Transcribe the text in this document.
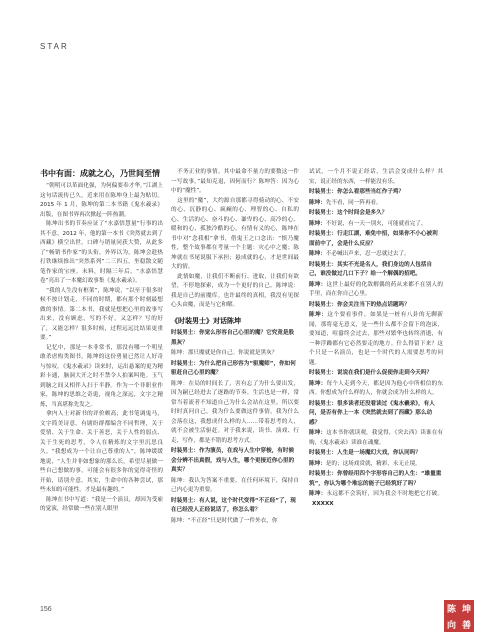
STAR
书中有面：成就之心，乃世间至情

“朝明可以革面化强，为何偏要奉才华。”江湖上这句话流传已久，近来用在陈坤身上最为贴切。2015 年 1 月，陈坤的第二本书籍《鬼水羲录》出版，在图书界再次掀起一阵热潮。

陈坤出书的节奏应证了“水嘉悟慧量”行事的出其不意。2012 年，他的第一本书《突然就去到了西藏》横空出世，口碑与销量同获大赞，从此多了“畅销书作家”的头衔。外界以为，陈坤会趁热打铁继续推出“突然系列”二三四五，坐稳散文随笔作家的宝座。未料，时隔三年后，“水嘉悟慧卷”亮出了一本魔幻故事集《鬼水羲录》。

“我的人生没有框架”，陈坤说，“以至于很多时候不按计划走，不同的时期，都有那个时刻最想做的事情。第二本书，我就是想把心里的故事写出来，没有顾虑，写的不好，又怎样？写的好了，又能怎样？很多时候，过程远远比结果更重要。”

记忆中，那是一本非常书，那没有哪一个明星敢杀虐构类图书，陈坤的这份勇量已然让人好奇与惊叹。《鬼水羲录》读来时，运出悬案的更为精彩卡通，脑洞大开之时不禁令人拍案叫绝。玉气到脑之间又相伴入扫于半静。作为一个非职业作家，陈坤的思维之奇诡，视角之深远，文字之精炼，当真堪称先发之。

拿内人士对新书的评价颇高；此书笔调鬼马，文字简美诗意。有剧纷群都编含不同哲理，关于爱情、关于生命、关于善恶，关于人性的弱点、关于生死的思考，令人在精炼的文字里沉思良久。“我想成为一个让自己尊重的人”，陈坤缓缓地说，“人生并非如想象的那么长，希望尽量做一些自己想做的事，可能会有很多你的觉得奇怪的开始，请别介意，其实，生命中的各种尝试，那些未知的可能性，才是最有趣的。”

陈坤在书中写道：“我是一个演员，却因为受雇的觉演，经常做一些在别人眼里

不务正业的事情。其中最命不量力的要数这一件一写故事。”最知克退，因何而行？陈坤答：因为心中的“魔性”。

这里的“魔”，大约源自那都寻得骑动的心、不安的心、沉静的心、疯癫的心、理智的心、自私的心、生活的心、奋斗的心、谦卑的心、高冷的心、暖和的心、孤独冷酷的心，有情有义的心，陈坤在书中对“念我相”拿书，借鬼王之口念出：“慎乃魔性，整个故事都在考量一个主题：灾心中之魔；陈坤就在书尾说服下承担；悬成就的心，才是世间最大的情。

此情如魔，让我们不断前行、进取，让我们有欲望，不停地探索，成为一个更好的自己。陈坤说：我是自己的前魔库。也许最终的真相，我没有见探心头由魔，而是与它和解。

《时装男士》对话陈坤

时装男士：你觉么形容自己心里的魔？它究竟是股黑灰？

陈坤：那只魔就是你自己。你说就是黑灰？

时装男士：为什么把自己形容为“驱魔师”，你如何驱赶自己心里的魔？

陈坤：在局的时间长了，害有忘了为什么要出发，因为嗣已经进去了逐路的节奏。生活也是一样，常常当着流者不知道自己为什么会站在这里。所以要时时真问自己，我为什么要做这件事情，我为什么会落在这，我想成什么样的人……带着思考的人，就不会被生活驱赶。对于我来说，读书、演戏、行走、写作，都是不错的思考方式。

时装男士：作为演员，在戏与人生中穿梭，有时候会分辨不出真假，戏与人生，哪个更接近你心里的真实？

陈坤：我认为答案不重要，在任何环境下，保持自己内心更为重要。

时装男士：有人说，这个时代变得“不正经”了，现在已经没人正经说话了，你怎么看？

陈坤：“不正经”只是时代做了一件外衣，你

试试，一个月不说正经话，生活会变成什么样？其实，说正经的东西，一样能没有乐。

时装男士：你怎么看那些当红作子鸡？

陈坤：先不看，同一阵再看。

时装男士：这个时间会是多久？

陈坤：不好说，有一天一别火，可能就看完了。

时装男士：行走江湖，难免中招，如果你不小心被利面前中了，会是什么反应？

陈坤：不必喊出声来，忍一忍就过去了。

时装男士：其实不光是名人，我们身边的人包括自己，谁没做过几口下子？给一个解偶的招吧。

陈坤：这世上最好的化敌解偶的药从来都不在别人的手里，而在你自己心里。

时装男士：你会关注当下的热点话题吗？

陈坤：这个要看事件，如果是一桩有八卦的无聊新闻，那将毫无意义，是一些什么都不会留下的泡沫，要知道，喧嚣终会过去，那些对繁华也转终消逝，有一种浮躁都有它必然要走的地方。什么得留下来？这个只是一名演员，也是一个时代的人需要思考的问题。

时装男士：说说在我们是什么促使你走到今天吗？

陈坤：每个人走到今天，都是因为他心中所相信的东西。你想成为什么样的人，你就会成为什么样的人。

时装男士：很多读者还没看读过《鬼水羲录》，有人问，是否有你上一本《突然就去到了西藏》那么动感？

陈坤：这本书你就读观，我觉得，《突去西》读谁在有购，《鬼水羲录》读谁在魂魔。

时装男士：人生是一场魔幻大戏，你认同吗？

陈坤：是的；这场戏赏就，精彩，永无止境。

时装男士：你曾经用四个字形容自己的人生：“雄量重筑”，你认为哪个堆忘的能子已经筑好了吗？

陈坤：永远都不会筑好，因为我会不时地把它打破。XXXXX

156	陈 坤
向 善
